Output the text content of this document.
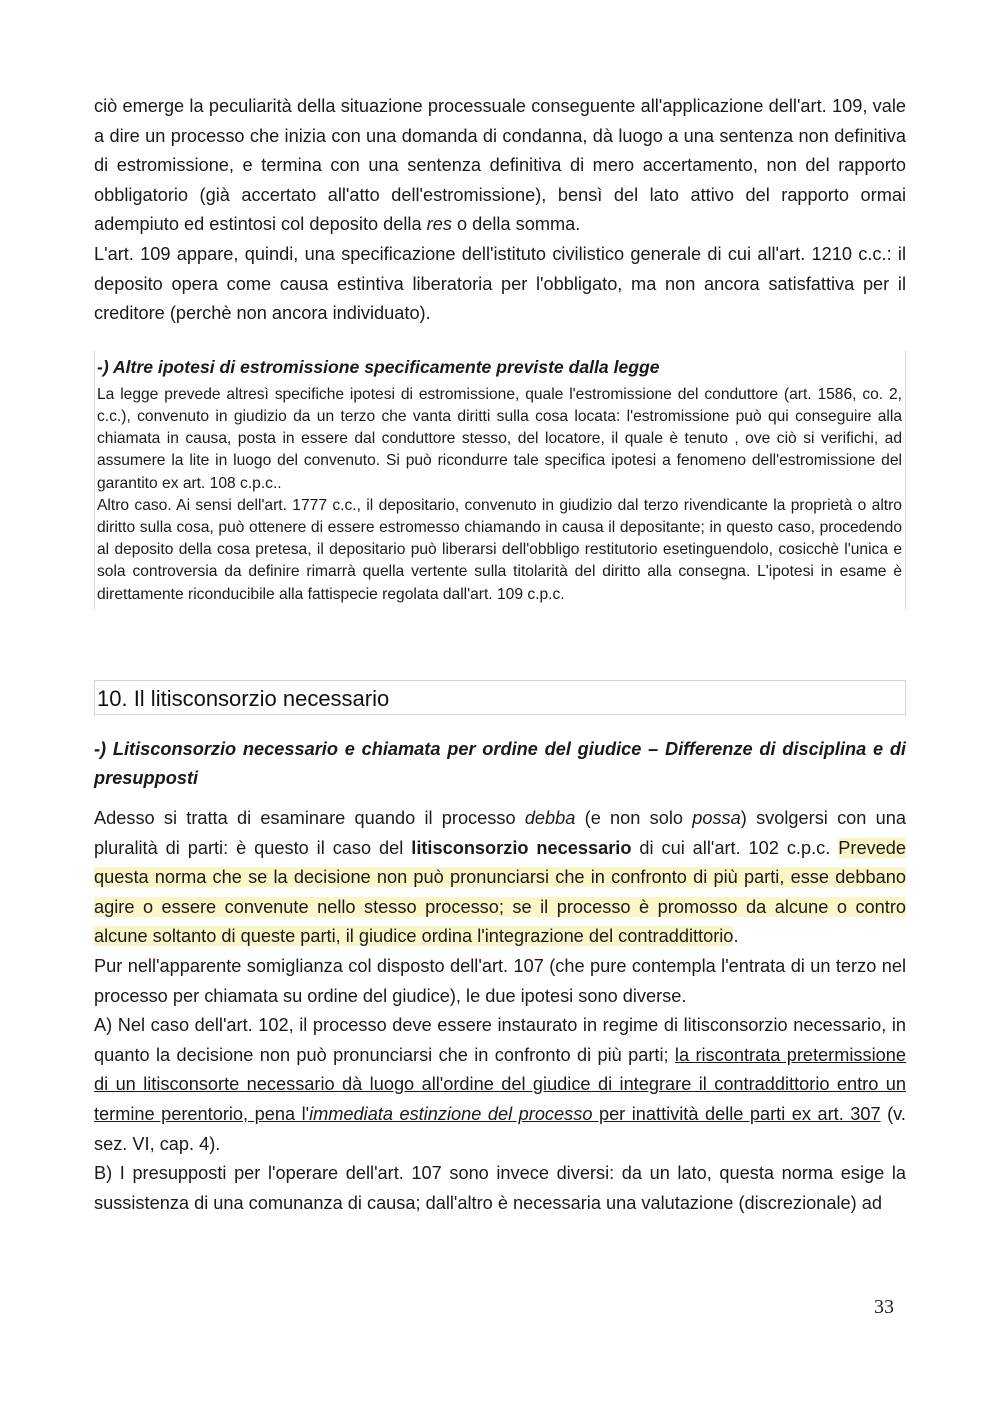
ciò emerge la peculiarità della situazione processuale conseguente all'applicazione dell'art. 109, vale a dire un processo che inizia con una domanda di condanna, dà luogo a una sentenza non definitiva di estromissione, e termina con una sentenza definitiva di mero accertamento, non del rapporto obbligatorio (già accertato all'atto dell'estromissione), bensì del lato attivo del rapporto ormai adempiuto ed estintosi col deposito della res o della somma.

L'art. 109 appare, quindi, una specificazione dell'istituto civilistico generale di cui all'art. 1210 c.c.: il deposito opera come causa estintiva liberatoria per l'obbligato, ma non ancora satisfattiva per il creditore (perchè non ancora individuato).

-) Altre ipotesi di estromissione specificamente previste dalla legge

La legge prevede altresì specifiche ipotesi di estromissione, quale l'estromissione del conduttore (art. 1586, co. 2, c.c.), convenuto in giudizio da un terzo che vanta diritti sulla cosa locata: l'estromissione può qui conseguire alla chiamata in causa, posta in essere dal conduttore stesso, del locatore, il quale è tenuto , ove ciò si verifichi, ad assumere la lite in luogo del convenuto. Si può ricondurre tale specifica ipotesi a fenomeno dell'estromissione del garantito ex art. 108 c.p.c..

Altro caso. Ai sensi dell'art. 1777 c.c., il depositario, convenuto in giudizio dal terzo rivendicante la proprietà o altro diritto sulla cosa, può ottenere di essere estromesso chiamando in causa il depositante; in questo caso, procedendo al deposito della cosa pretesa, il depositario può liberarsi dell'obbligo restitutorio esetinguendolo, cosicchè l'unica e sola controversia da definire rimarrà quella vertente sulla titolarità del diritto alla consegna. L'ipotesi in esame è direttamente riconducibile alla fattispecie regolata dall'art. 109 c.p.c.

10. Il litisconsorzio necessario
-) Litisconsorzio necessario e chiamata per ordine del giudice – Differenze di disciplina e di presupposti

Adesso si tratta di esaminare quando il processo debba (e non solo possa) svolgersi con una pluralità di parti: è questo il caso del litisconsorzio necessario di cui all'art. 102 c.p.c. Prevede questa norma che se la decisione non può pronunciarsi che in confronto di più parti, esse debbano agire o essere convenute nello stesso processo; se il processo è promosso da alcune o contro alcune soltanto di queste parti, il giudice ordina l'integrazione del contraddittorio.

Pur nell'apparente somiglianza col disposto dell'art. 107 (che pure contempla l'entrata di un terzo nel processo per chiamata su ordine del giudice), le due ipotesi sono diverse.

A) Nel caso dell'art. 102, il processo deve essere instaurato in regime di litisconsorzio necessario, in quanto la decisione non può pronunciarsi che in confronto di più parti; la riscontrata pretermissione di un litisconsorte necessario dà luogo all'ordine del giudice di integrare il contraddittorio entro un termine perentorio, pena l'immediata estinzione del processo per inattività delle parti ex art. 307 (v. sez. VI, cap. 4).

B) I presupposti per l'operare dell'art. 107 sono invece diversi: da un lato, questa norma esige la sussistenza di una comunanza di causa; dall'altro è necessaria una valutazione (discrezionale) ad

33
